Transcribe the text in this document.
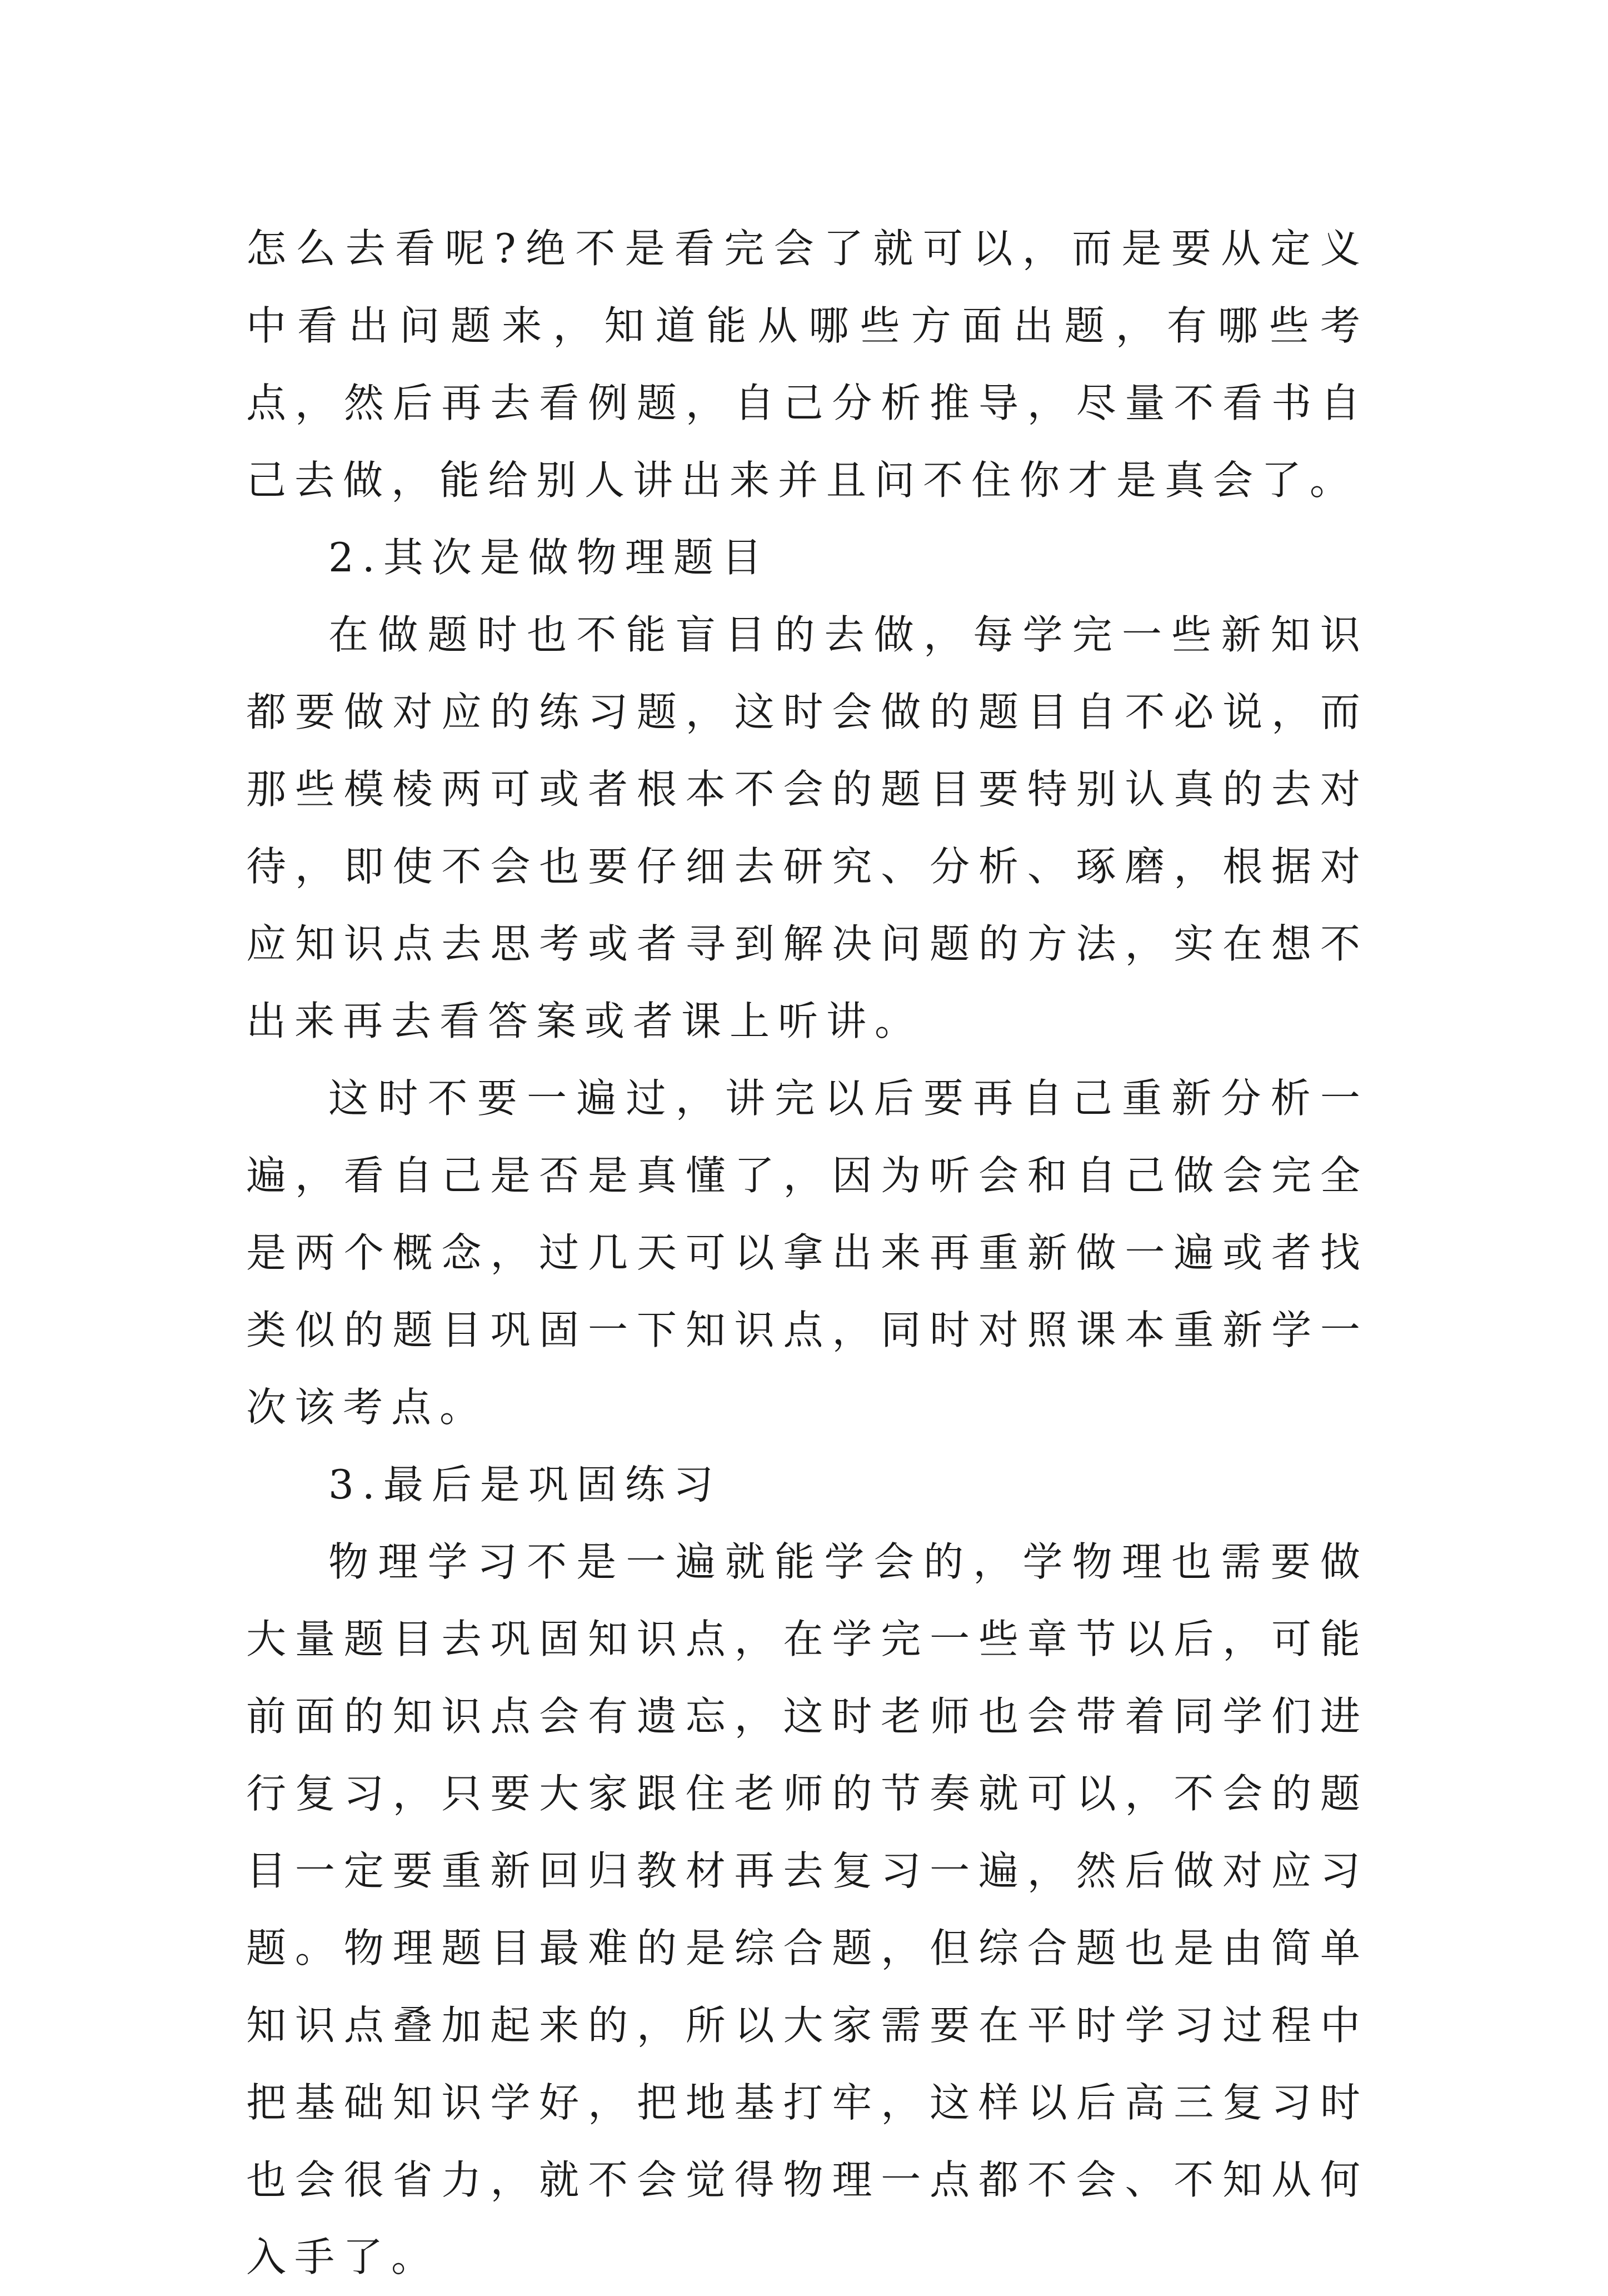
怎么去看呢?绝不是看完会了就可以，而是要从定义中看出问题来，知道能从哪些方面出题，有哪些考点，然后再去看例题，自己分析推导，尽量不看书自己去做，能给别人讲出来并且问不住你才是真会了。

2.其次是做物理题目

在做题时也不能盲目的去做，每学完一些新知识都要做对应的练习题，这时会做的题目自不必说，而那些模棱两可或者根本不会的题目要特别认真的去对待，即使不会也要仔细去研究、分析、琢磨，根据对应知识点去思考或者寻到解决问题的方法，实在想不出来再去看答案或者课上听讲。

这时不要一遍过，讲完以后要再自己重新分析一遍，看自己是否是真懂了，因为听会和自己做会完全是两个概念，过几天可以拿出来再重新做一遍或者找类似的题目巩固一下知识点，同时对照课本重新学一次该考点。

3.最后是巩固练习

物理学习不是一遍就能学会的，学物理也需要做大量题目去巩固知识点，在学完一些章节以后，可能前面的知识点会有遗忘，这时老师也会带着同学们进行复习，只要大家跟住老师的节奏就可以，不会的题目一定要重新回归教材再去复习一遍，然后做对应习题。物理题目最难的是综合题，但综合题也是由简单知识点叠加起来的，所以大家需要在平时学习过程中把基础知识学好，把地基打牢，这样以后高三复习时也会很省力，就不会觉得物理一点都不会、不知从何入手了。
